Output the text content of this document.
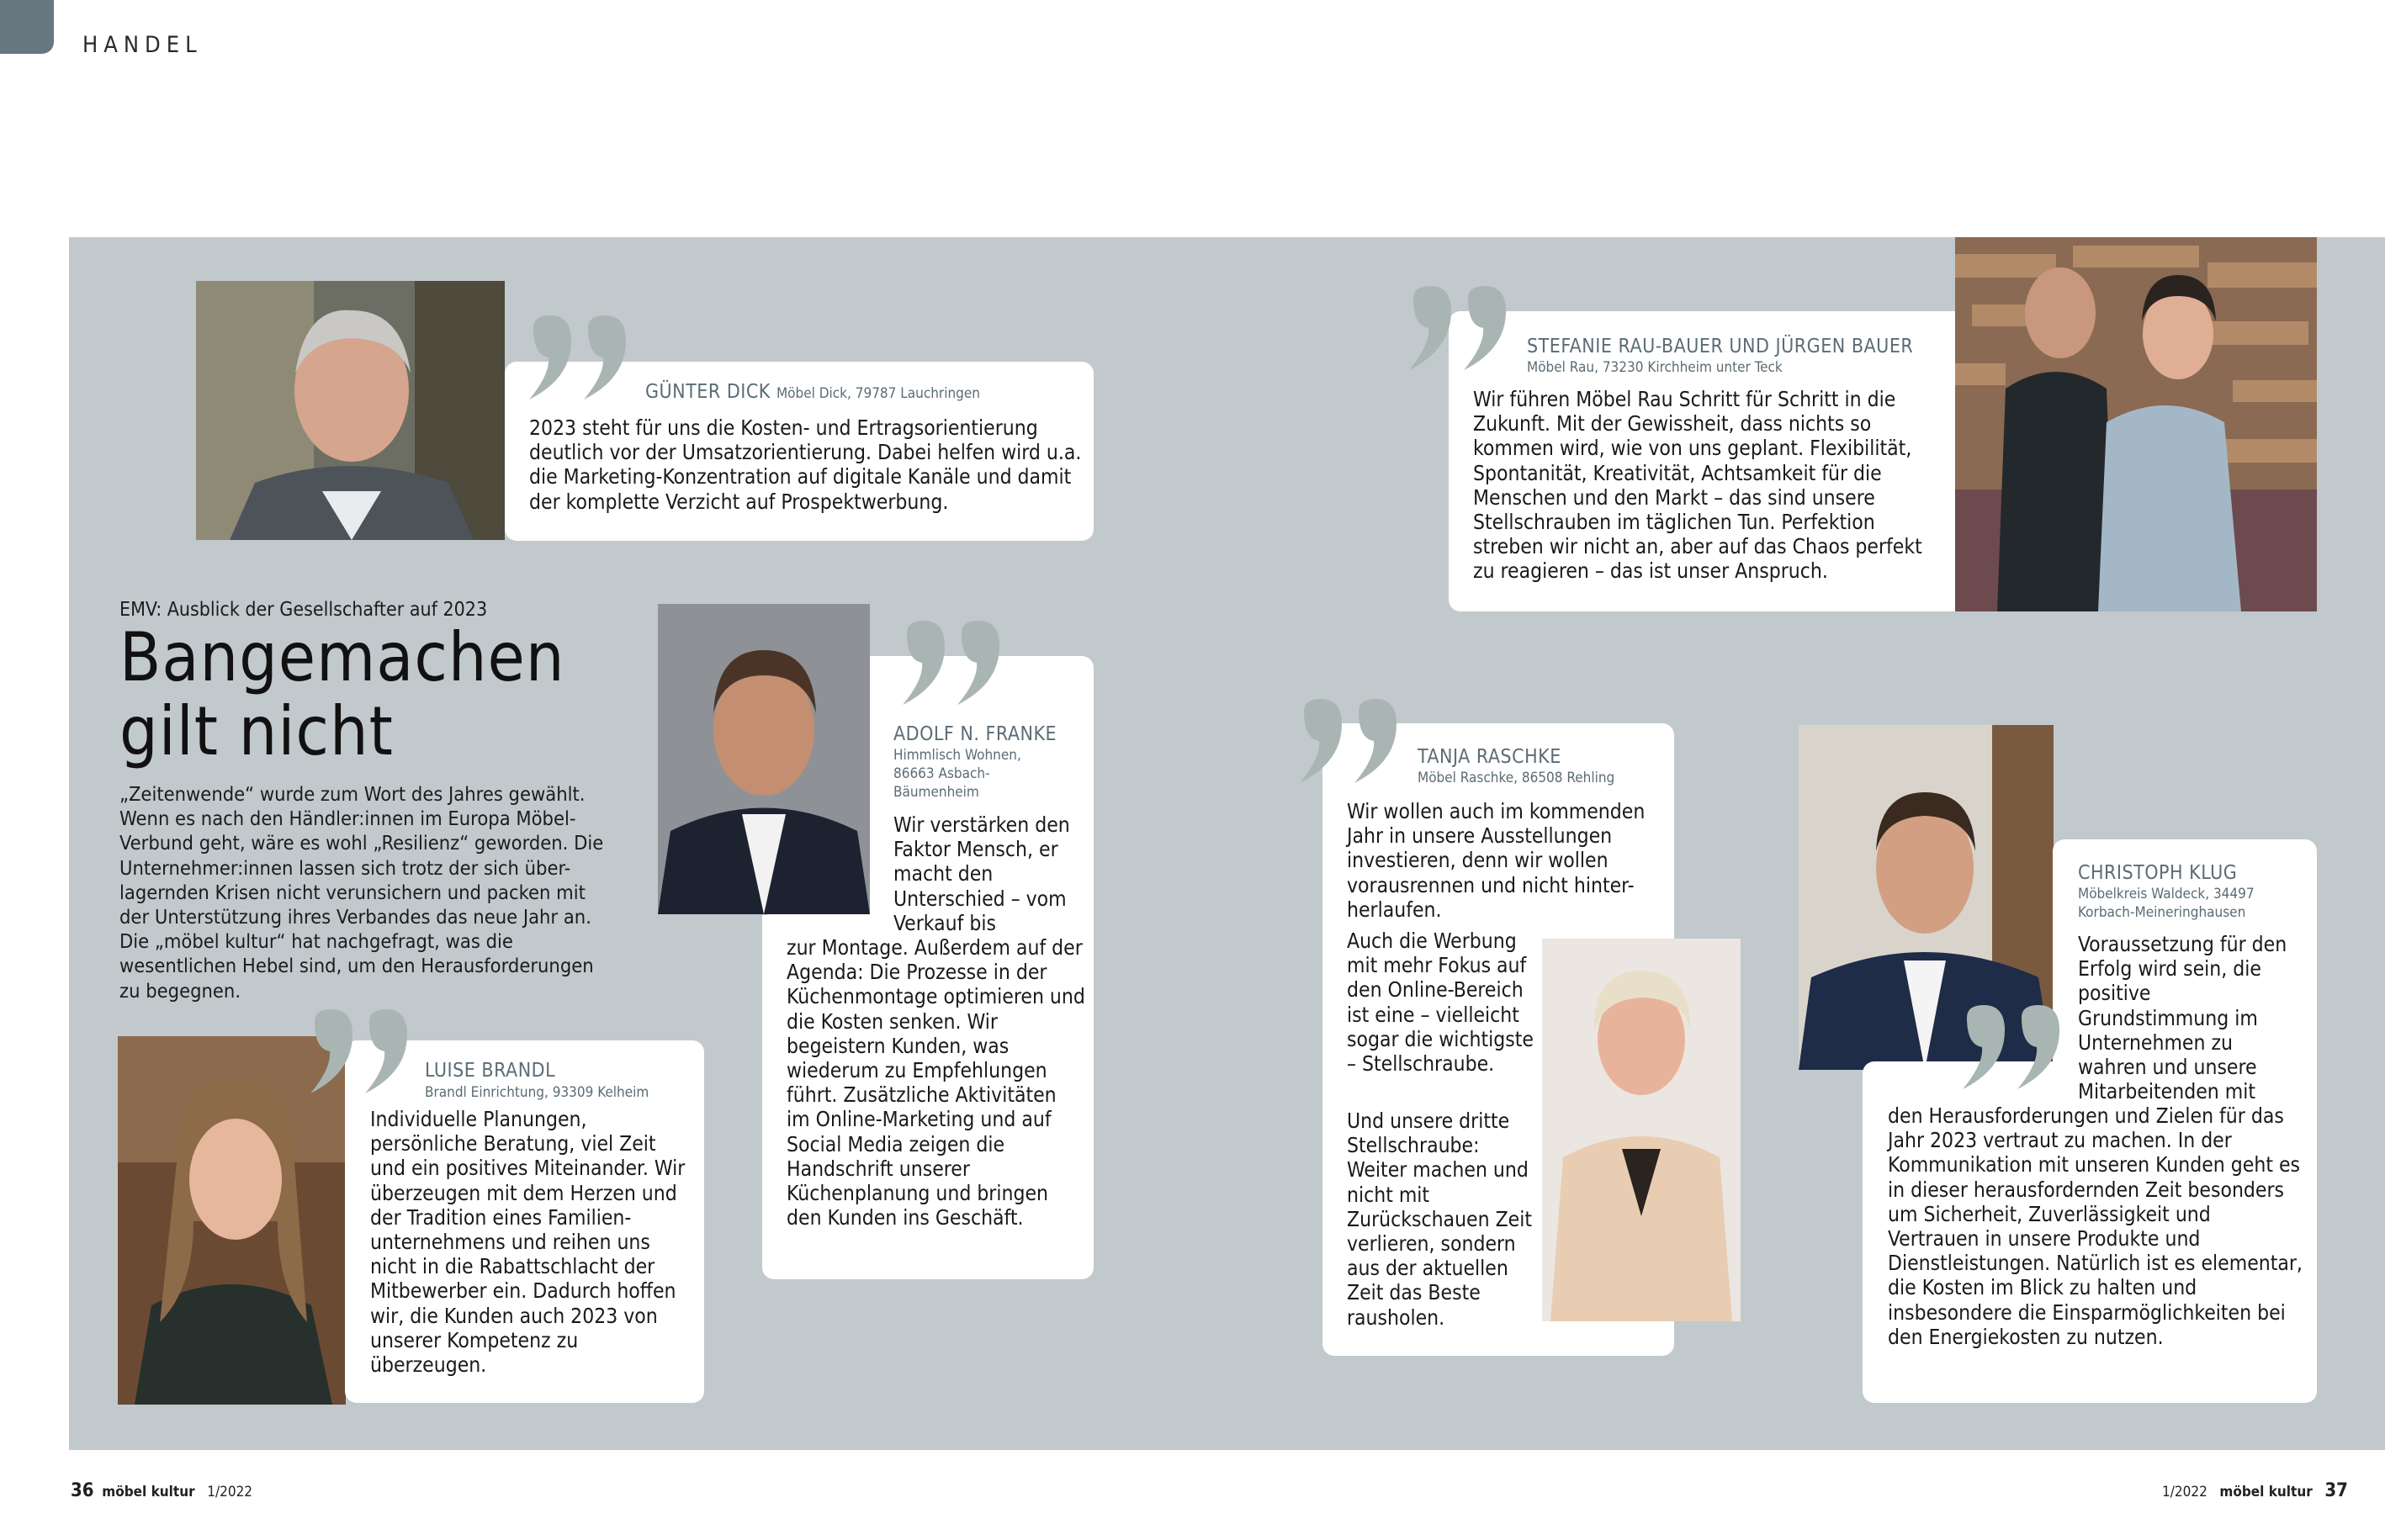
HANDEL
GÜNTER DICK Möbel Dick, 79787 Lauchringen
2023 steht für uns die Kosten- und Ertragsorientierung deutlich vor der Umsatzorientierung. Dabei helfen wird u.a. die Marketing-Konzentration auf digitale Kanäle und damit der komplette Verzicht auf Prospektwerbung.
EMV: Ausblick der Gesellschafter auf 2023
Bangemachen
gilt nicht
„Zeitenwende“ wurde zum Wort des Jahres gewählt. Wenn es nach den Händler:innen im Europa Möbel-Verbund geht, wäre es wohl „Resilienz“ geworden. Die Unternehmer:innen lassen sich trotz der sich über-lagernden Krisen nicht verunsichern und packen mit der Unterstützung ihres Verbandes das neue Jahr an. Die „möbel kultur“ hat nachgefragt, was die wesentlichen Hebel sind, um den Herausforderungen zu begegnen.
LUISE BRANDL
Brandl Einrichtung, 93309 Kelheim
Individuelle Planungen, persönliche Beratung, viel Zeit und ein positives Miteinander. Wir überzeugen mit dem Herzen und der Tradition eines Familien-unternehmens und reihen uns nicht in die Rabattschlacht der Mitbewerber ein. Dadurch hoffen wir, die Kunden auch 2023 von unserer Kompetenz zu überzeugen.
ADOLF N. FRANKE
Himmlisch Wohnen,
86663 Asbach-
Bäumenheim
Wir verstärken den Faktor Mensch, er macht den Unterschied – vom Verkauf bis
zur Montage. Außerdem auf der Agenda: Die Prozesse in der Küchenmontage optimieren und die Kosten senken. Wir begeistern Kunden, was wiederum zu Empfehlungen führt. Zusätzliche Aktivitäten im Online-Marketing und auf Social Media zeigen die Handschrift unserer Küchenplanung und bringen den Kunden ins Geschäft.
STEFANIE RAU-BAUER UND JÜRGEN BAUER
Möbel Rau, 73230 Kirchheim unter Teck
Wir führen Möbel Rau Schritt für Schritt in die Zukunft. Mit der Gewissheit, dass nichts so kommen wird, wie von uns geplant. Flexibilität, Spontanität, Kreativität, Achtsamkeit für die Menschen und den Markt – das sind unsere Stellschrauben im täglichen Tun. Perfektion streben wir nicht an, aber auf das Chaos perfekt zu reagieren – das ist unser Anspruch.
TANJA RASCHKE
Möbel Raschke, 86508 Rehling
Wir wollen auch im kommenden Jahr in unsere Ausstellungen investieren, denn wir wollen vorausrennen und nicht hinter-herlaufen.
Auch die Werbung mit mehr Fokus auf den Online-Bereich ist eine – vielleicht sogar die wichtigste – Stellschraube.
Und unsere dritte Stellschraube: Weiter machen und nicht mit Zurückschauen Zeit verlieren, sondern aus der aktuellen Zeit das Beste rausholen.
CHRISTOPH KLUG
Möbelkreis Waldeck, 34497
Korbach-Meineringhausen
Voraussetzung für den Erfolg wird sein, die positive Grundstimmung im Unternehmen zu wahren und unsere Mitarbeitenden mit
den Herausforderungen und Zielen für das Jahr 2023 vertraut zu machen. In der Kommunikation mit unseren Kunden geht es in dieser herausfordernden Zeit besonders um Sicherheit, Zuverlässigkeit und Vertrauen in unsere Produkte und Dienstleistungen. Natürlich ist es elementar, die Kosten im Blick zu halten und insbesondere die Einsparmöglichkeiten bei den Energiekosten zu nutzen.
36 möbel kultur 1/2022	1/2022 möbel kultur 37
